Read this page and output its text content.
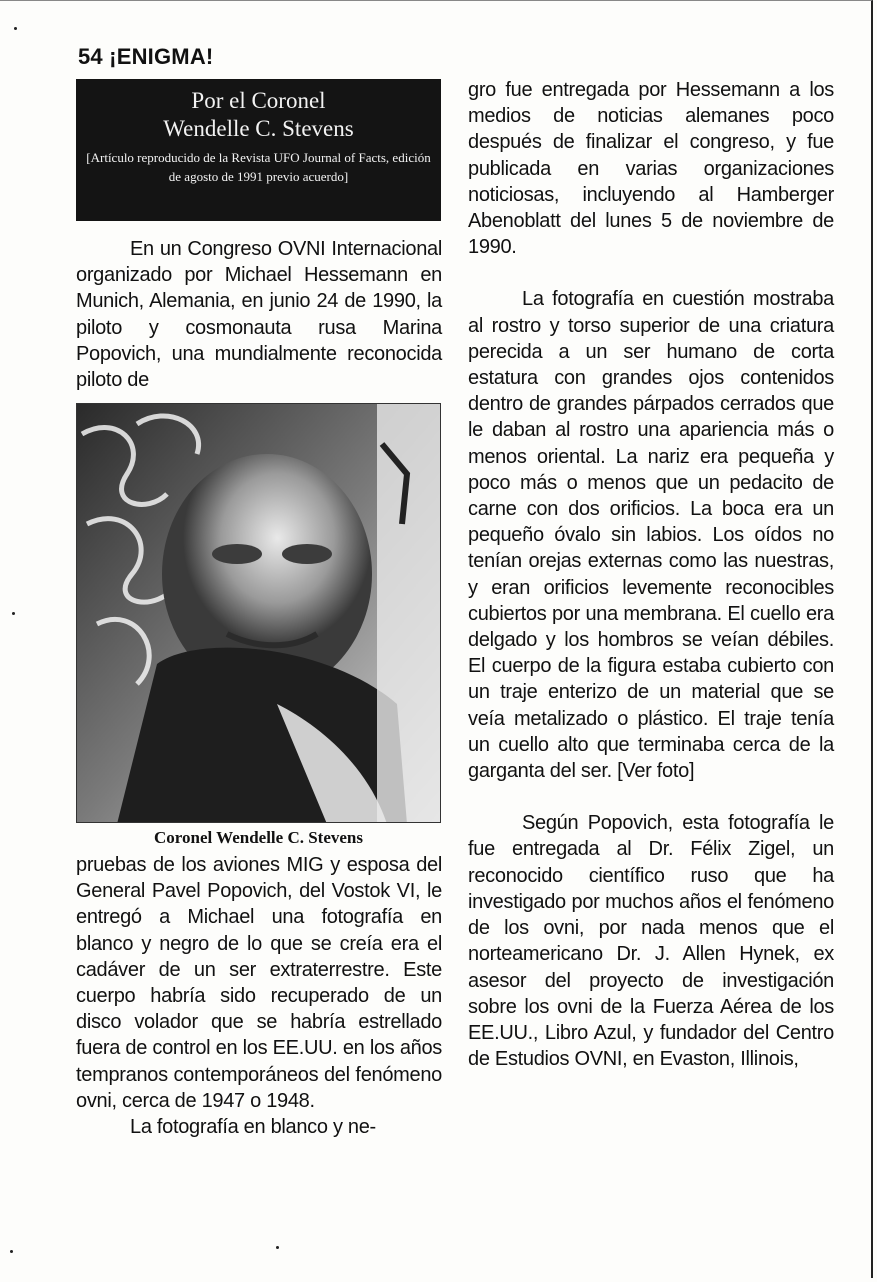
54 ¡ENIGMA!
Por el Coronel
Wendelle C. Stevens
[Artículo reproducido de la Revista UFO Journal of Facts, edición de agosto de 1991 previo acuerdo]

En un Congreso OVNI Internacional organizado por Michael Hessemann en Munich, Alemania, en junio 24 de 1990, la piloto y cosmonauta rusa Marina Popovich, una mundialmente reconocida piloto de

Coronel Wendelle C. Stevens

pruebas de los aviones MIG y esposa del General Pavel Popovich, del Vostok VI, le entregó a Michael una fotografía en blanco y negro de lo que se creía era el cadáver de un ser extraterrestre. Este cuerpo habría sido recuperado de un disco volador que se habría estrellado fuera de control en los EE.UU. en los años tempranos contemporáneos del fenómeno ovni, cerca de 1947 o 1948.

La fotografía en blanco y ne-

gro fue entregada por Hessemann a los medios de noticias alemanes poco después de finalizar el congreso, y fue publicada en varias organizaciones noticiosas, incluyendo al Hamberger Abenoblatt del lunes 5 de noviembre de 1990.

La fotografía en cuestión mostraba al rostro y torso superior de una criatura perecida a un ser humano de corta estatura con grandes ojos contenidos dentro de grandes párpados cerrados que le daban al rostro una apariencia más o menos oriental. La nariz era pequeña y poco más o menos que un pedacito de carne con dos orificios. La boca era un pequeño óvalo sin labios. Los oídos no tenían orejas externas como las nuestras, y eran orificios levemente reconocibles cubiertos por una membrana. El cuello era delgado y los hombros se veían débiles. El cuerpo de la figura estaba cubierto con un traje enterizo de un material que se veía metalizado o plástico. El traje tenía un cuello alto que terminaba cerca de la garganta del ser. [Ver foto]

Según Popovich, esta fotografía le fue entregada al Dr. Félix Zigel, un reconocido científico ruso que ha investigado por muchos años el fenómeno de los ovni, por nada menos que el norteamericano Dr. J. Allen Hynek, ex asesor del proyecto de investigación sobre los ovni de la Fuerza Aérea de los EE.UU., Libro Azul, y fundador del Centro de Estudios OVNI, en Evaston, Illinois,
